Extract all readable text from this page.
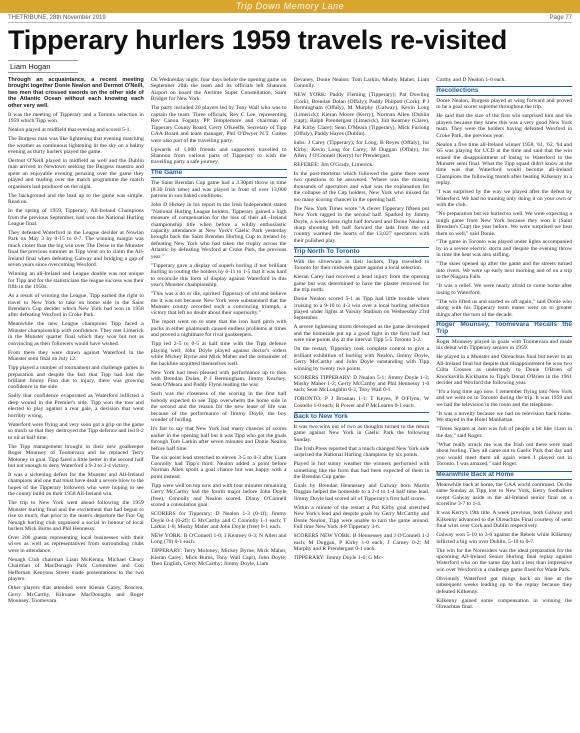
Trip Down Memory Lane
THETRIBUNE, 28th November 2019	Page 77
Tipperary hurlers 1959 travels re-visited
Liam Hogan

Through an acquaintance, a recent meeting brought together Donie Nealon and Dermot O'Neill, two men that crossed swords on the other side of the Atlantic Ocean without each knowing each other very well.

It was the meeting of Tipperary and a Toronto selection in 1959 which Tipp won.

Nealon played at midfield that evening and scored 5-1.

The Burgess man was like lightening that evening matching the weather as continuous lightening lit the sky on a balmy evening as thirty hurlers played the game.

Dermot O'Neill played in midfield as well and the Dublin man arrived in Newtown seeking the Burgess maestro and spent an enjoyable evening perusing over the game they played and reading over the match programme the match organisers had produced on the night.

The background and the lead up to the game was simple. Read on.

In the spring of 1959, Tipperary, All-Ireland Champions from the previous September, had won the National Hurling League final.

They defeated Waterford in the League decider at Nowlan Park on May 3 by 0-15 to 0-7. The winning margin was much closer than the big win over The Deise in the Munster final the previous summer as Tipp went on to claim the All-Ireland final when defeating Galway and bridging a gap of seven years since overcoming Wexford.

Winning an all-Ireland and League double was not unique for Tipp and for the statisticians the league success was their fifth in the 1950s.

As a result of winning the League, Tipp earned the right to travel to New York to take on home side in the Saint Brendan's Cup decider which New York had won in 1958 after defeating Wexford in Croke Park.

Meanwhile the new League champions Tipp faced a Munster championship with confidence. They met Limerick in the Munster quarter final which they won but not as convincing as their followers would have wished.

From there they were drawn against Waterford in the Munster semi final on July 12.

Tipp played a number of tournament and challenge games in preparation and despite the fact that Tipp had lost the brilliant Jimmy Finn due to injury, there was growing confidence in the side.

Sadly that confidence evaporated as Waterford inflicted a deep wound in the Premier's side. Tipp won the toss and elected to play against a rear gale, a decision that went horribly wrong.

Waterford were flying and very soon got a grip on the game so much so that they destroyed the Tipp defence and led 8-2 to nil at half time.

The Tipp management brought in their new goalkeeper Roger Mounsey of Toomevara and he replaced Terry Moloney in goal. Tipp fared a little better in the second half but not enough to deny Waterford a 9-3 to 3-4 victory.

It was a sickening defeat for the Munster and All-Ireland champions and one that must have dealt a severe blow to the hopes of the Tipperary followers who were hoping to see the county build on their 1958 All-Ireland win.

The trip to New York went ahead following the 1959 Munster hurling final and the excitement that had begun to rise so much, that prior to the team's departure the Fior Og Nenagh hurling club organised a social in honour of local hurlers Mick Burns and Phil Hennessy.

Over 200 guests representing local businesses with their wives as well as representatives from surrounding clubs were in attendance.

Nenagh Club chairman Liam McKenna, Michael Cleary Chairman of MacDonagh Park Committee and Con Heffernan Kenyons Street made presentations to the two players.

Other players that attended were Kieran Carey, Roscrea, Gerry McCarthy, Kilruane MacDonaghs and Roger Mounsey, Toomevara.

On Wednesday night, four days before the opening game on September 20th the team and its officials left Shannon Airport on board the Aerlinte Super Constellation, Saint Bridget for New York.

The party included 20 players led by Tony Wall who was to captain the team. Three officials, Rev C Lee, representing Rev Canon Fogarty PP Templemore and chairman of Tipperary County Board, Gerry O'Keeffe, Secretary of Tipp GAA Board and team manager, Phil O'Dwyer N.T. Galtee were also part of the travelling party.

Upwards of 1,000 friends and supporters travelled to Shannon from various parts of Tipperary to wish the travelling party a safe journey.

The Game

The Saint Brendan Cup game had a 3.30pm throw in time (8.30 Irish time) and was played in front of over 13,000 patrons in sun baked conditions.

John D Hickey in his report to the Irish Independent stated "National Hurling League holders, Tipperary gained a high measure of compensation for the loss of their all -Ireland championship title when before a wildly enthusiastic capacity attendance at New York's Gaelic Park yesterday brought back the Saint Brendan Hurling Cup to Ireland by defeating New York who had taken the trophy across the Atlantic by defeating Wexford at Croke Park, the previous year."

"Tipperary gave a display of superb hurling if not brilliant hurling in routing the holders by 6-11 to 1-5 that it was hard to reconcile this form of display against Waterford in this year's Munster championship.

"This was a do or die, spirited Tipperary of old and believe me it was not because New York were substandard that the Munster county recorded such a convincing triumph, a victory that left no doubt about their superiority."

The report went on to state that the iron hard pitch with pucks in either goalmouth caused endless problems at times and proved a nightmare for rival goalkeepers.

Tipp led 2-5 to 0-5 at half time with the Tipp defence playing well, John Doyle played against doctor's orders while Mickey Byrne and Mick Maher and the remainder of the backline acquitted themselves well.

New York had been pleased with performance up to then with Brendan Dolan, P J Bermingham, Jimmy Kearney, Sean O'Meara and Paddy Flynn leading the way.

Such was the closeness of the scoring in the first half nobody expected to see Tipp overwhelm the home side in the second and the reason for the new lease of life was because of the performance of Jimmy Doyle, the boy wonder of hurling.

It's fair to say that New York had many chances of scores earlier in the opening half but it was Tipp who got the goals through Tom Larkin after seven minutes and Donie Nealon before half time.

The six point lead stretched to eleven 3-5 to 0-3 after Liam Connolly had Tipp's third. Nealon added a point before Norman Allen spoilt a goal chance but was happy with a point instead.

Tipp were well on top now and with four minutes remaining Gerry McCarthy had the fourth major before John Doyle (free), Connolly and Nealon scored. Dinny O'Connell scored a consolation goal.

SCORERS for Tipperary: D Nealon 1-3 (0-1f); Jimmy Doyle 0-4 (0-2f); G McCarthy and C Connolly 1-1 each; T Larkin 1-0; Mushy Maher and John Doyle (free) 0-1 each.

NEW YORK: B O'Connell 1-0; J Kearney 0-3; N Allen and Long (70) 0-1 each.

TIPPERARY: Terry Moloney; Mickey Byrne, Mick Maher, Kieran Carey; Mick Burns, Tony Wall Capt), John Doyle; Theo English, Gerry McCarthy; Jimmy Doyle, Liam

Devaney, Donie Nealon; Tom Larkin, Mushy Maher, Liam Connolly.

NEW YORK: Paddy Fleming (Tipperary); Pat Dowling (Cork), Brendan Dolan (Offaly); Paddy Philpott (Cork); P J Bermingham (Offaly), M Murphy (Galway), Kevin Long (Limerick); Kieran Moore (Kerry), Norman Allen (Dublin (capt); Ralph Prendergast (Limerick), Jim Kearney (Clare), Pat Kirby Clare); Sean O'Meara (Tipperary), Mick Furlong (Offaly), Paddy Hayes (Dublin).

Subs: J Carey (Tipperary); for Long; B Reyes (Offaly), for Kirby; Kevin Long for Carey; M Duggan (Offaly), for Allen; J O'Connell (Kerry) for Prendergast.

REFEREE: Jim O'Grady, Limerick.

In the post-mortems which followed the game there were two questions to be answered. 'Where was the missing thousands of spectators and what was the explanation for the collapse of the Cup holders, New York who missed far too many scoring chances in the opening half.

The New York Times wrote "A clever Tipperary fifteen put New York ragged in the second half. Sparked by Jimmy Doyle, a work-horse right half forward and Donie Nealon a sharp shooting left half forward the lads from the old country warmed the hearts of the 13,027 spectators with their polished play.

Trip North To Toronto

With the silverware in their lockers, Tipp travelled to Toronto for their midweek game against a local selection.

Kieran Carey had received a head injury from the opening game but was determined to have the plaster removed for the trip north.

Donie Nealon scored 5-1 as Tipp had little trouble when cruising to a 9-10 to 4-3 win over a local hurling selection played under lights at Varsity Stadium on Wednesday 23rd September.

A severe lightening storm developed as the game developed and the homeside put up a good fight in the first half but were nine points shy at the interval Tipp 5-5 Toronto 3-2.

On the restart, Tipperary took complete control to give a brilliant exhibition of hurling with Nealon, Jimmy Doyle, Gerry McCarthy and John Doyle outstanding with Tipp winning by twenty two points.

SCORERS TIPPERARY: D Nealon 5-1; Jimmy Doyle 1-3; Mushy Maher 1-2; Gerry McCarthy and Phil Hennessy 1-0 each; Sean McLoughlin 0-3, Tony Wall 0-1.

TORONTO: P J Brosnan 1-1; T Keyes, P O'Flynn, W Costello 1-0 each; B Power and P McLearen 0-1 each.

Back to New York

It was two wins out of two as thoughts turned to the return game against New York in Gaelic Park the following Sunday.

The Irish Press reported that a much changed New York side surprised the National Hurling champions by six points.

Played in hot sunny weather the winners performed with something like the form that had been expected of them in the Brendan Cup game.

Goals by Brendan Hennessey and Galway born Martin Duggan helped the homeside to a 2-4 to 1-4 half time lead. Jimmy Doyle had scored all of Tipperary's first half scores.

Within a minute of the restart a Pat Kirby goal stretched New York's lead and despite goals by Gerry McCarthy and Donie Nealon, Tipp were unable to turn the game around. Full time New York 4-8 Tipperary 3-6.

SCORERS NEW YORK: B Hennessey and J O'Connell 1-2 each; M Duggan, P Kirby 1-0 each; J Carney 0-2; M Murphy and R Prendergast 0-1 each.

TIPPERARY: Jimmy Doyle 1-6; G Mc-

Carthy and D Nealon 1-0 each.

Recollections

Donie Nealon, Burgess played at wing forward and proved to be a goal scorer supreme throughout the trip.

He said that the size of the first win surprised him and his players because they knew this was a very good New York team. They were the holders having defeated Wexford in Croke Park, the previous year.

Nealon a five time all-Ireland winner 1958, '61, '62, '64 and '65 was playing for UCD at the time and said that the win erased the disappointment of losing to Waterford in the Munster semi final. What the Tipp squad didn't know at the time was that Waterford would become all-Ireland Champions the following month after beating Kilkenny in a replay.

"I was surprised by the way we played after the defeat by Waterford. We had no training only doing it on your own or with the club.

"No preparation but we hurled so well. We were expecting a tough game from New York because they won it (Saint Brendan's Cup) the year before. We were surprised we beat them so well," said Donie.

"The game in Toronto was played under lights accompanied by in a severe electric storm and despite the evening throw in time the heat was also stifling.

"The skies opened up after the game and the streets turned into rivers. We were up early next morning and of on a trip to the Niagara Falls.

"It was a relief. We were nearly afraid to come home after losing to Waterford.

"The win lifted us and started us off again," said Donie who along with his Tipperary team mates went on to greater things after the turn of the decade.

Roger Mounsey, Toomevara Recalls the Trip

Roger Mounsey played in goals with Toomevara and made his debut with Tipperary seniors in 1959.

He played in a Munster and Oireachtas final but never in an All-Ireland final but despite that disappointment he won two Cúlta Crosses as understudy to Donie O'Brien of Knockavilla Kickhams to Tipp's Donal O'Brien in the 1961 decider and Wexford the following year.

"It's a long time ago now. I remember flying into New York and we went on to Toronto during the trip. It was 1959 and we had the television in the room and the telephone.

"It was a novelty because we had no television back home. We stayed in the Hotel Manhattan.

"Times Square at 3am was full of people a bit like 11am in the day," said Roger.

"What really struck me was the Irish out there were mad about hurling. They all came out to Gaelic Park that day and you would meet them all again when I played out in Toronto. I was amazed," said Roger.

Meanwhile Back at Home

Meanwhile back at home, the GAA world continued. On the same Sunday as Tipp lost to New York, Kerry footballers swept Galway aside in the all-Ireland senior final on a scoreline 3-7 to 1-4.

It was Kerry's 19th title. A week previous, both Galway and Kilkenny advanced to the Oireachtas Final courtesy of semi final wins over Cork and Dublin respectively.

Galway won 5-10 to 3-6 against the Rebels while Kilkenny inflicted a big win over Dublin, 5-10 to 0-7.

The win for the Noresiders was the ideal preparation for the upcoming All-Ireland Senior Hurling final replay against Waterford who on the same day had a less than impressive win over Wexford in a challenge game fixed for Wade Park.

Obviously Waterford got things back on line at the subsequent weeks leading up to the replay because they defeated Kilkenny.

Kilkenny gained some compensation in winning the Oireachtas final.
